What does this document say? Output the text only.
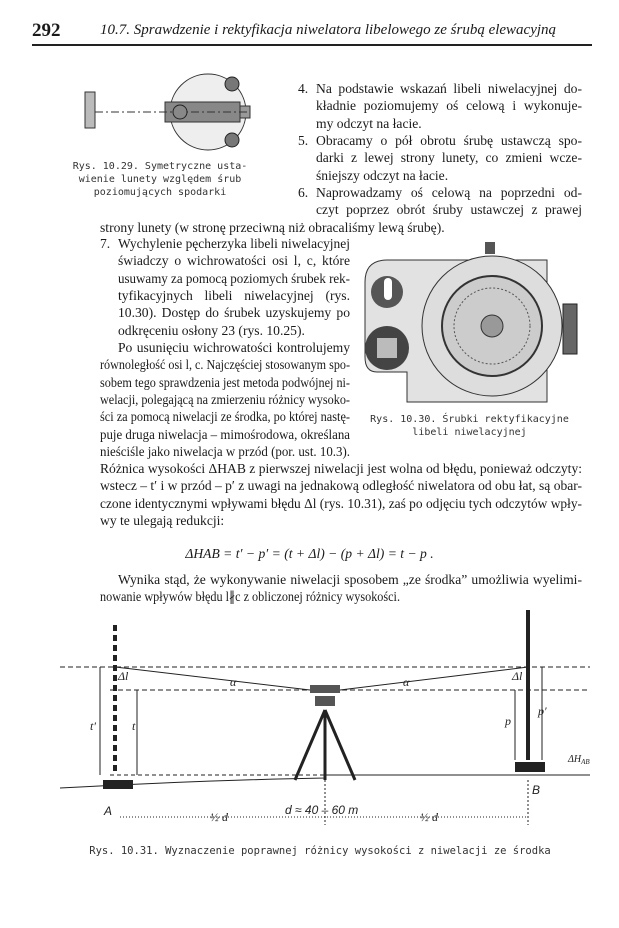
292	10.7. Sprawdzenie i rektyfikacja niwelatora libelowego ze śrubą elewacyjną
Rys. 10.29. Symetryczne usta-
wienie lunety względem śrub
poziomujących spodarki
Rys. 10.30. Śrubki rektyfikacyjne
libeli niwelacyjnej
4. Na podstawie wskazań libeli niwelacyjnej do-
kładnie poziomujemy oś celową i wykonuje-
my odczyt na łacie.
5. Obracamy o pół obrotu śrubę ustawczą spo-
darki z lewej strony lunety, co zmieni wcze-
śniejszy odczyt na łacie.
6. Naprowadzamy oś celową na poprzedni od-
czyt poprzez obrót śruby ustawczej z prawej
strony lunety (w stronę przeciwną niż obracaliśmy lewą śrubę).
7. Wychylenie pęcherzyka libeli niwelacyjnej
świadczy o wichrowatości osi l, c, które
usuwamy za pomocą poziomych śrubek rek-
tyfikacyjnych libeli niwelacyjnej (rys.
10.30). Dostęp do śrubek uzyskujemy po
odkręceniu osłony 23 (rys. 10.25).
Po usunięciu wichrowatości kontrolujemy
równoległość osi l, c. Najczęściej stosowanym spo-
sobem tego sprawdzenia jest metoda podwójnej ni-
welacji, polegającą na zmierzeniu różnicy wysoko-
ści za pomocą niwelacji ze środka, po której nastę-
puje druga niwelacja – mimośrodowa, określana
nieściśle jako niwelacja w przód (por. ust. 10.3).
Różnica wysokości ΔHAB z pierwszej niwelacji jest wolna od błędu, ponieważ odczyty:
wstecz – t′ i w przód – p′ z uwagi na jednakową odległość niwelatora od obu łat, są obar-
czone identycznymi wpływami błędu Δl (rys. 10.31), zaś po odjęciu tych odczytów wpły-
wy te ulegają redukcji:
Wynika stąd, że wykonywanie niwelacji sposobem „ze środka” umożliwia wyelimi-
nowanie wpływów błędu l∦c z obliczonej różnicy wysokości.
ΔHAB = t′ − p′ = (t + Δl) − (p + Δl) = t − p .
Δl	Δl
α	α
t′	t	p
p′
$\Delta H_{AB}$
A
B
½ d	½ d
d ≈ 40 – 60 m
Rys. 10.31. Wyznaczenie poprawnej różnicy wysokości z niwelacji ze środka
